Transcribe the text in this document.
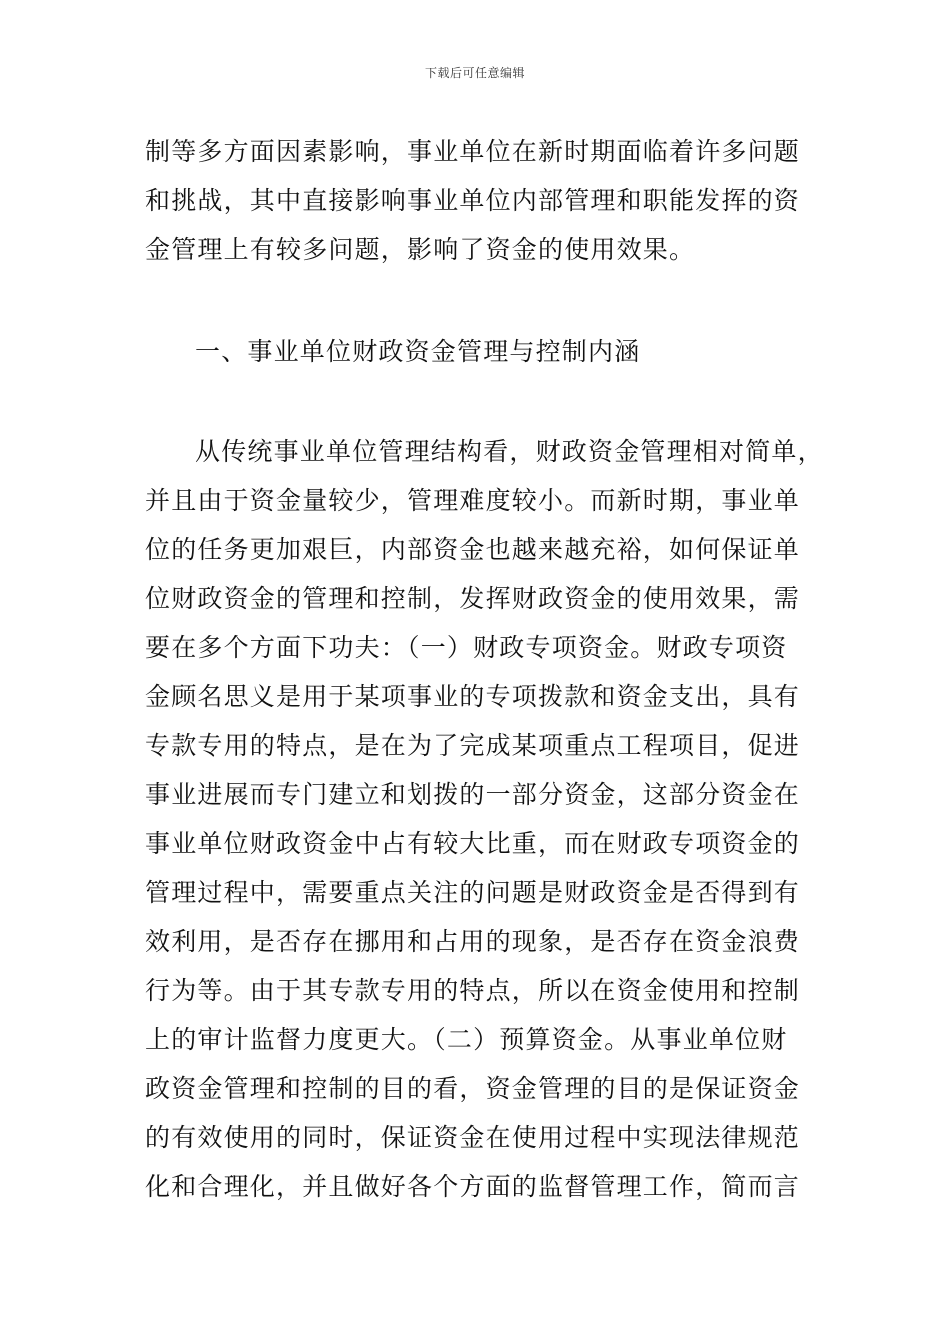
下载后可任意编辑
制等多方面因素影响，事业单位在新时期面临着许多问题
和挑战，其中直接影响事业单位内部管理和职能发挥的资
金管理上有较多问题，影响了资金的使用效果。
一、事业单位财政资金管理与控制内涵
从传统事业单位管理结构看，财政资金管理相对简单，
并且由于资金量较少，管理难度较小。而新时期，事业单
位的任务更加艰巨，内部资金也越来越充裕，如何保证单
位财政资金的管理和控制，发挥财政资金的使用效果，需
要在多个方面下功夫：（一）财政专项资金。财政专项资
金顾名思义是用于某项事业的专项拨款和资金支出，具有
专款专用的特点，是在为了完成某项重点工程项目，促进
事业进展而专门建立和划拨的一部分资金，这部分资金在
事业单位财政资金中占有较大比重，而在财政专项资金的
管理过程中，需要重点关注的问题是财政资金是否得到有
效利用，是否存在挪用和占用的现象，是否存在资金浪费
行为等。由于其专款专用的特点，所以在资金使用和控制
上的审计监督力度更大。（二）预算资金。从事业单位财
政资金管理和控制的目的看，资金管理的目的是保证资金
的有效使用的同时，保证资金在使用过程中实现法律规范
化和合理化，并且做好各个方面的监督管理工作，简而言
